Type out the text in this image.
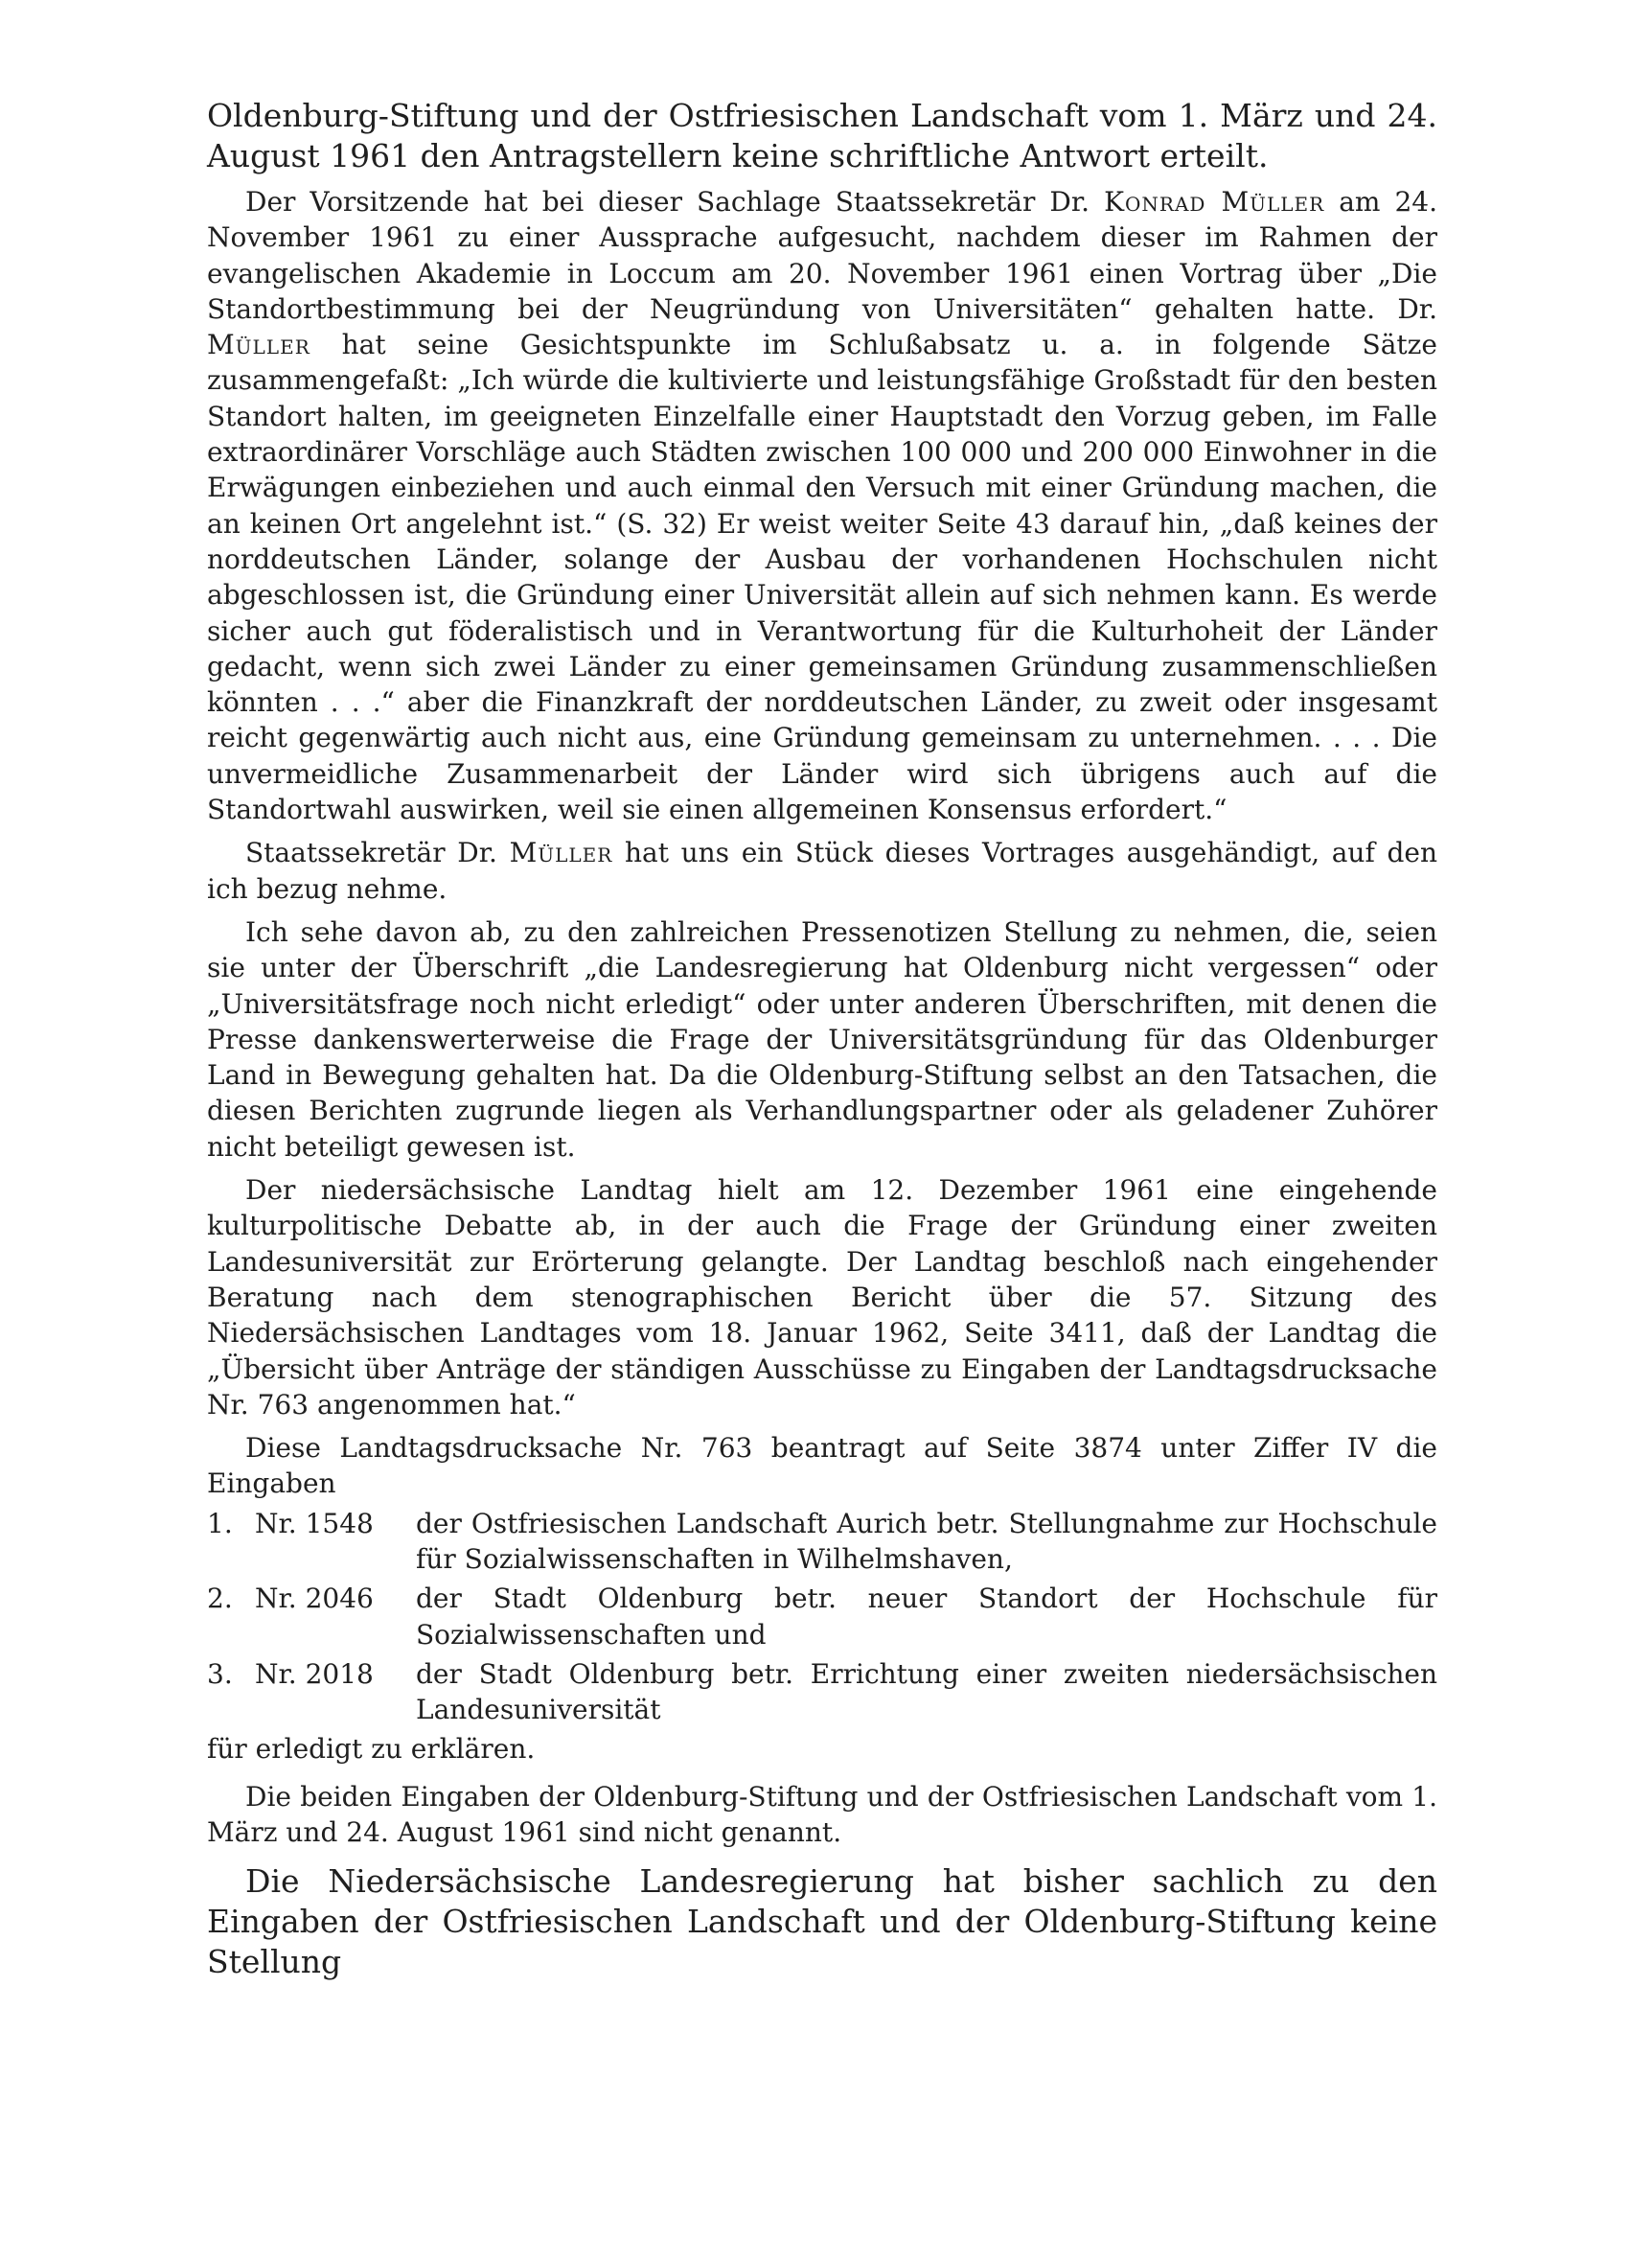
Oldenburg-Stiftung und der Ostfriesischen Landschaft vom 1. März und 24. August 1961 den Antragstellern keine schriftliche Antwort erteilt.

Der Vorsitzende hat bei dieser Sachlage Staatssekretär Dr. Konrad Müller am 24. November 1961 zu einer Aussprache aufgesucht, nachdem dieser im Rahmen der evangelischen Akademie in Loccum am 20. November 1961 einen Vortrag über „Die Standortbestimmung bei der Neugründung von Universitäten“ gehalten hatte. Dr. Müller hat seine Gesichtspunkte im Schlußabsatz u. a. in folgende Sätze zusammengefaßt: „Ich würde die kultivierte und leistungsfähige Großstadt für den besten Standort halten, im geeigneten Einzelfalle einer Hauptstadt den Vorzug geben, im Falle extraordinärer Vorschläge auch Städten zwischen 100 000 und 200 000 Einwohner in die Erwägungen einbeziehen und auch einmal den Versuch mit einer Gründung machen, die an keinen Ort angelehnt ist.“ (S. 32) Er weist weiter Seite 43 darauf hin, „daß keines der norddeutschen Länder, solange der Ausbau der vorhandenen Hochschulen nicht abgeschlossen ist, die Gründung einer Universität allein auf sich nehmen kann. Es werde sicher auch gut föderalistisch und in Verantwortung für die Kulturhoheit der Länder gedacht, wenn sich zwei Länder zu einer gemeinsamen Gründung zusammenschließen könnten . . .“ aber die Finanzkraft der norddeutschen Länder, zu zweit oder insgesamt reicht gegenwärtig auch nicht aus, eine Gründung gemeinsam zu unternehmen. . . . Die unvermeidliche Zusammenarbeit der Länder wird sich übrigens auch auf die Standortwahl auswirken, weil sie einen allgemeinen Konsensus erfordert.“

Staatssekretär Dr. Müller hat uns ein Stück dieses Vortrages ausgehändigt, auf den ich bezug nehme.

Ich sehe davon ab, zu den zahlreichen Pressenotizen Stellung zu nehmen, die, seien sie unter der Überschrift „die Landesregierung hat Oldenburg nicht vergessen“ oder „Universitätsfrage noch nicht erledigt“ oder unter anderen Überschriften, mit denen die Presse dankenswerterweise die Frage der Universitätsgründung für das Oldenburger Land in Bewegung gehalten hat. Da die Oldenburg-Stiftung selbst an den Tatsachen, die diesen Berichten zugrunde liegen als Verhandlungspartner oder als geladener Zuhörer nicht beteiligt gewesen ist.

Der niedersächsische Landtag hielt am 12. Dezember 1961 eine eingehende kulturpolitische Debatte ab, in der auch die Frage der Gründung einer zweiten Landesuniversität zur Erörterung gelangte. Der Landtag beschloß nach eingehender Beratung nach dem stenographischen Bericht über die 57. Sitzung des Niedersächsischen Landtages vom 18. Januar 1962, Seite 3411, daß der Landtag die „Übersicht über Anträge der ständigen Ausschüsse zu Eingaben der Landtagsdrucksache Nr. 763 angenommen hat.“

Diese Landtagsdrucksache Nr. 763 beantragt auf Seite 3874 unter Ziffer IV die Eingaben

1. Nr. 1548	der Ostfriesischen Landschaft Aurich betr. Stellungnahme zur Hochschule für Sozialwissenschaften in Wilhelmshaven,
2. Nr. 2046	der Stadt Oldenburg betr. neuer Standort der Hochschule für Sozialwissenschaften und
3. Nr. 2018	der Stadt Oldenburg betr. Errichtung einer zweiten niedersächsischen Landesuniversität

für erledigt zu erklären.

Die beiden Eingaben der Oldenburg-Stiftung und der Ostfriesischen Landschaft vom 1. März und 24. August 1961 sind nicht genannt.

Die Niedersächsische Landesregierung hat bisher sachlich zu den Eingaben der Ostfriesischen Landschaft und der Oldenburg-Stiftung keine Stellung
